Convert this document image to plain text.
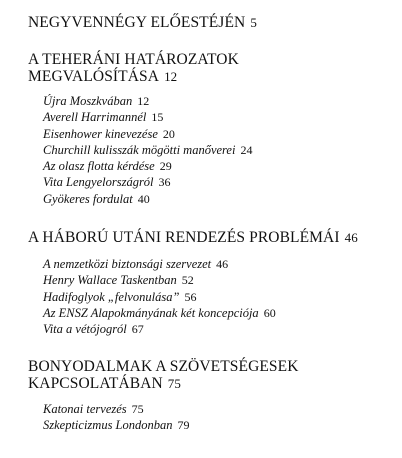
NEGYVENNÉGY ELŐESTÉJÉN 5
A TEHERÁNI HATÁROZATOK
MEGVALÓSÍTÁSA 12
Újra Moszkvában 12
Averell Harrimannél 15
Eisenhower kinevezése 20
Churchill kulisszák mögötti manőverei 24
Az olasz flotta kérdése 29
Vita Lengyelországról 36
Gyökeres fordulat 40
A HÁBORÚ UTÁNI RENDEZÉS PROBLÉMÁI 46
A nemzetközi biztonsági szervezet 46
Henry Wallace Taskentban 52
Hadifoglyok „felvonulása” 56
Az ENSZ Alapokmányának két koncepciója 60
Vita a vétójogról 67
BONYODALMAK A SZÖVETSÉGESEK
KAPCSOLATÁBAN 75
Katonai tervezés 75
Szkepticizmus Londonban 79
